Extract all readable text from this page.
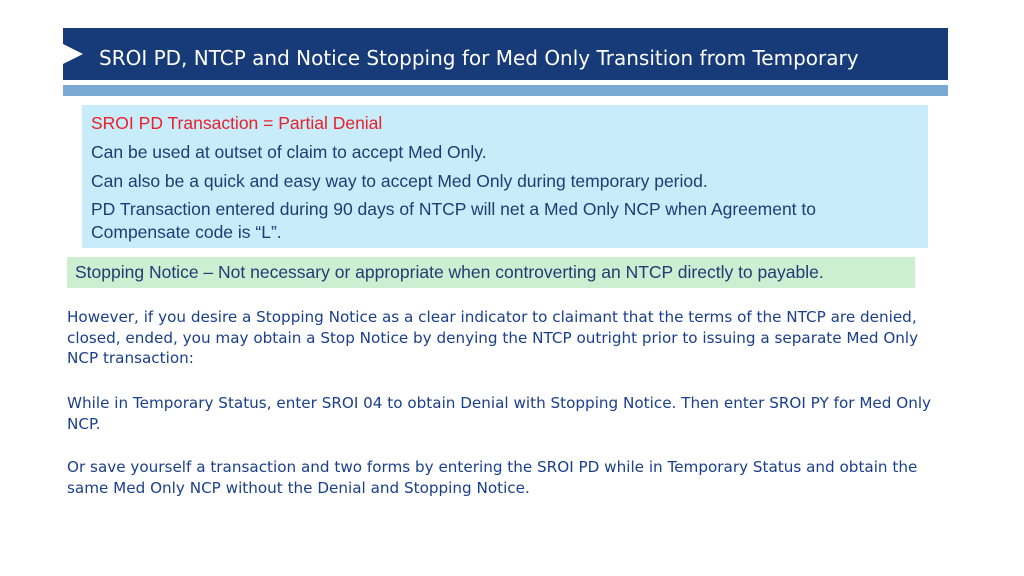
SROI PD, NTCP and Notice Stopping for Med Only Transition from Temporary
SROI PD Transaction = Partial Denial
Can be used at outset of claim to accept Med Only.
Can also be a quick and easy way to accept Med Only during temporary period.
PD Transaction entered during 90 days of NTCP will net a Med Only NCP when Agreement to Compensate code is “L”.
Stopping Notice – Not necessary or appropriate when controverting an NTCP directly to payable.
However, if you desire a Stopping Notice as a clear indicator to claimant that the terms of the NTCP are denied, closed, ended, you may obtain a Stop Notice by denying the NTCP outright prior to issuing a separate Med Only NCP transaction:
While in Temporary Status, enter SROI 04 to obtain Denial with Stopping Notice. Then enter SROI PY for Med Only NCP.
Or save yourself a transaction and two forms by entering the SROI PD while in Temporary Status and obtain the same Med Only NCP without the Denial and Stopping Notice.
